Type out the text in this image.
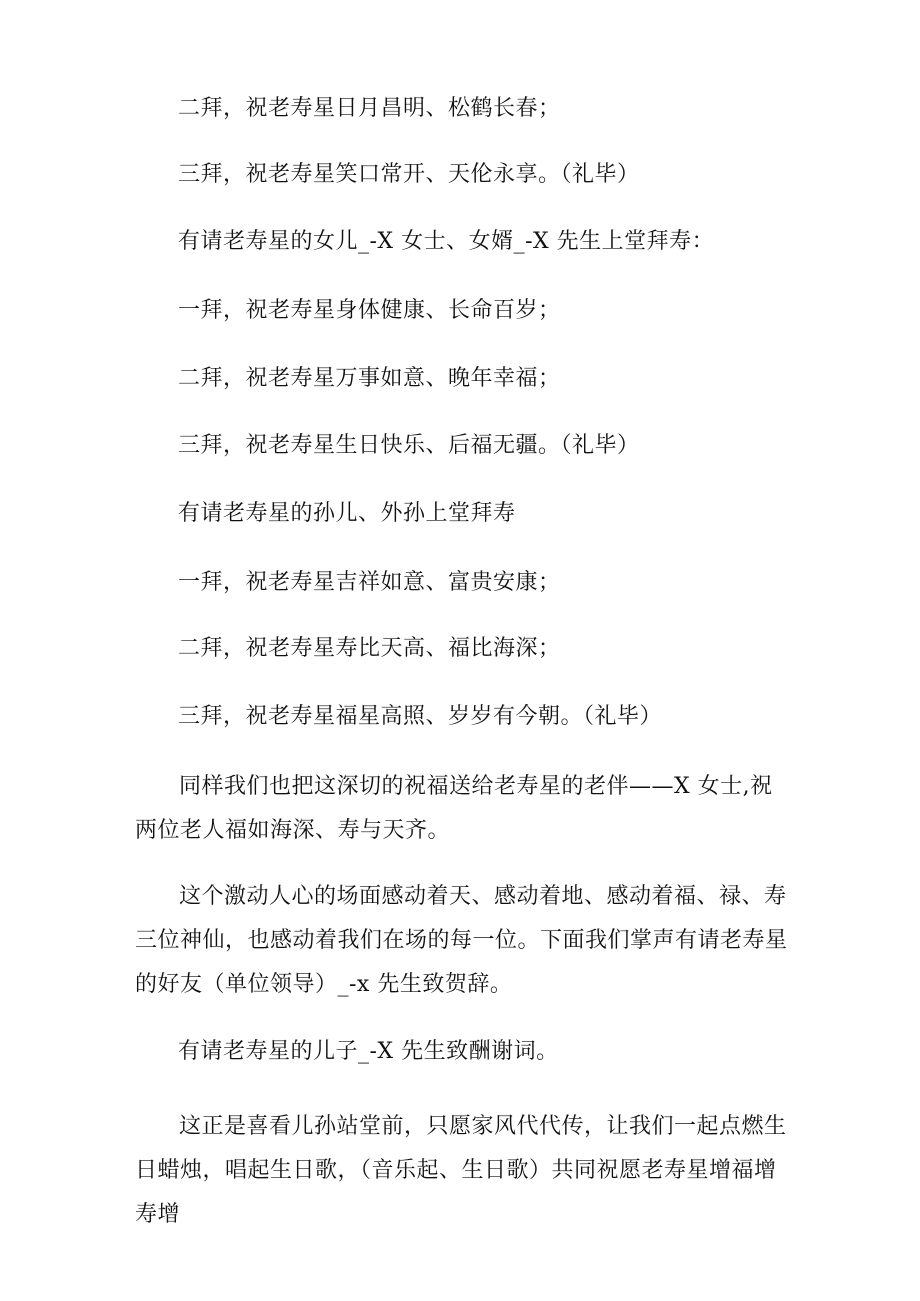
二拜，祝老寿星日月昌明、松鹤长春；
三拜，祝老寿星笑口常开、天伦永享。（礼毕）
有请老寿星的女儿_-X 女士、女婿_-X 先生上堂拜寿：
一拜，祝老寿星身体健康、长命百岁；
二拜，祝老寿星万事如意、晚年幸福；
三拜，祝老寿星生日快乐、后福无疆。（礼毕）
有请老寿星的孙儿、外孙上堂拜寿
一拜，祝老寿星吉祥如意、富贵安康；
二拜，祝老寿星寿比天高、福比海深；
三拜，祝老寿星福星高照、岁岁有今朝。（礼毕）

同样我们也把这深切的祝福送给老寿星的老伴——X 女士,祝两位老人福如海深、寿与天齐。

这个激动人心的场面感动着天、感动着地、感动着福、禄、寿三位神仙，也感动着我们在场的每一位。下面我们掌声有请老寿星的好友（单位领导）_-x 先生致贺辞。

有请老寿星的儿子_-X 先生致酬谢词。

这正是喜看儿孙站堂前，只愿家风代代传，让我们一起点燃生日蜡烛，唱起生日歌，（音乐起、生日歌）共同祝愿老寿星增福增寿增
